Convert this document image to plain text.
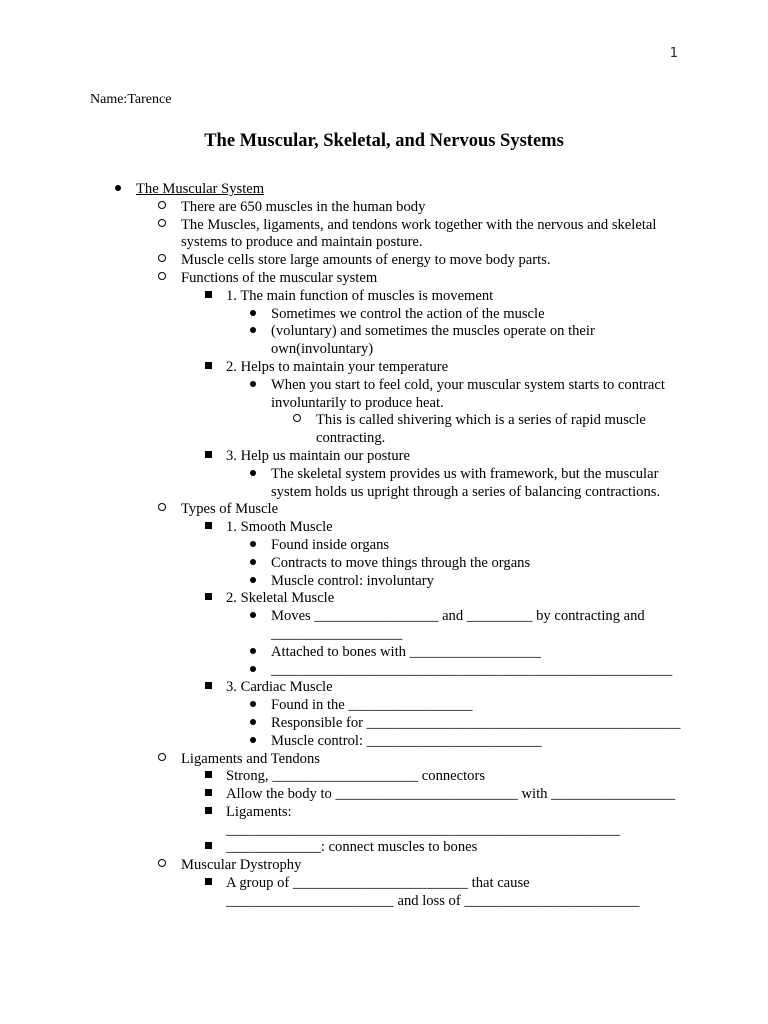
1
Name:Tarence
The Muscular, Skeletal, and Nervous Systems
The Muscular System
There are 650 muscles in the human body
The Muscles, ligaments, and tendons work together with the nervous and skeletal systems to produce and maintain posture.
Muscle cells store large amounts of energy to move body parts.
Functions of the muscular system
1. The main function of muscles is movement
Sometimes we control the action of the muscle
(voluntary) and sometimes the muscles operate on their own(involuntary)
2. Helps to maintain your temperature
When you start to feel cold, your muscular system starts to contract involuntarily to produce heat.
This is called shivering which is a series of rapid muscle contracting.
3. Help us maintain our posture
The skeletal system provides us with framework, but the muscular system holds us upright through a series of balancing contractions.
Types of Muscle
1. Smooth Muscle
Found inside organs
Contracts to move things through the organs
Muscle control: involuntary
2. Skeletal Muscle
Moves _________________ and _________ by contracting and __________________
Attached to bones with __________________
_______________________________________________________
3. Cardiac Muscle
Found in the _________________
Responsible for ___________________________________________
Muscle control: ________________________
Ligaments and Tendons
Strong, ____________________ connectors
Allow the body to _________________________ with _________________
Ligaments: ______________________________________________________
_____________: connect muscles to bones
Muscular Dystrophy
A group of ________________________ that cause _______________________ and loss of ________________________
